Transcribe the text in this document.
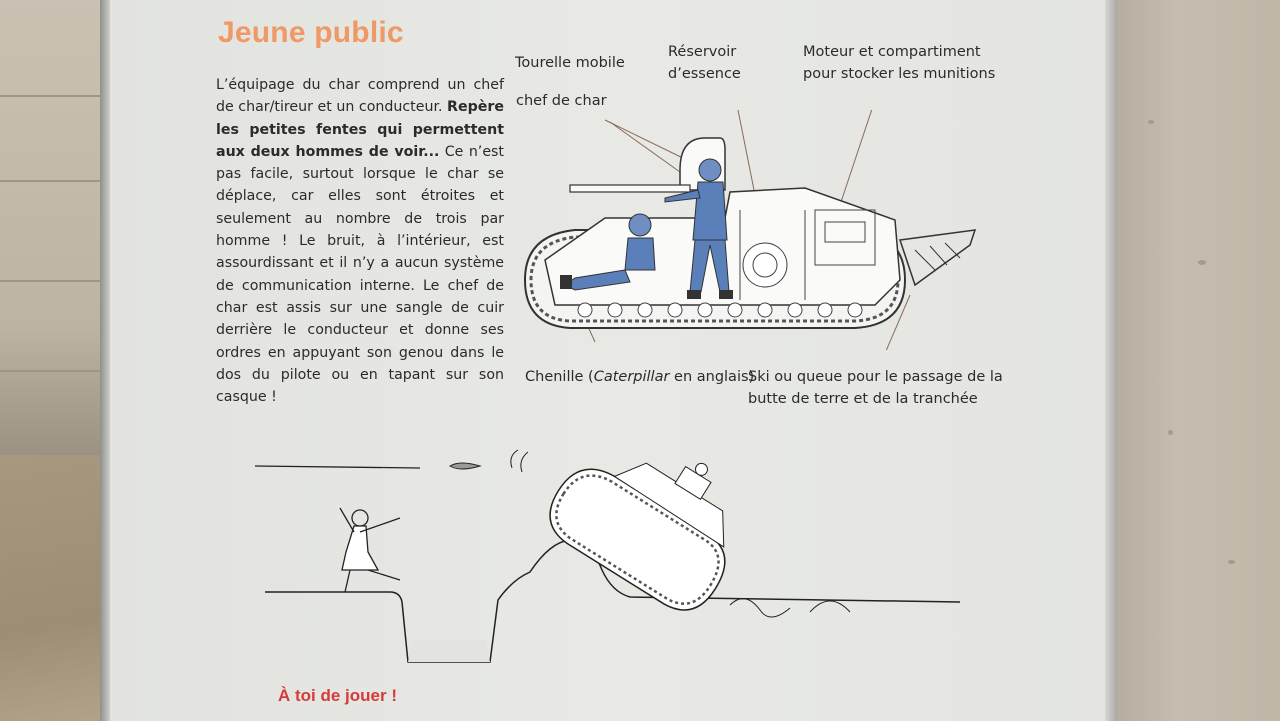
Jeune public
L’équipage du char comprend un chef de char/tireur et un conducteur. Repère les petites fentes qui permettent aux deux hommes de voir... Ce n’est pas facile, surtout lorsque le char se déplace, car elles sont étroites et seulement au nombre de trois par homme ! Le bruit, à l’intérieur, est assourdissant et il n’y a aucun système de communication interne. Le chef de char est assis sur une sangle de cuir derrière le conducteur et donne ses ordres en appuyant son genou dans le dos du pilote ou en tapant sur son casque !
Tourelle mobile
chef de char
Réservoir
d’essence
Moteur et compartiment
pour stocker les munitions
Chenille (Caterpillar en anglais)
Ski ou queue pour le passage de la
butte de terre et de la tranchée
À toi de jouer !
